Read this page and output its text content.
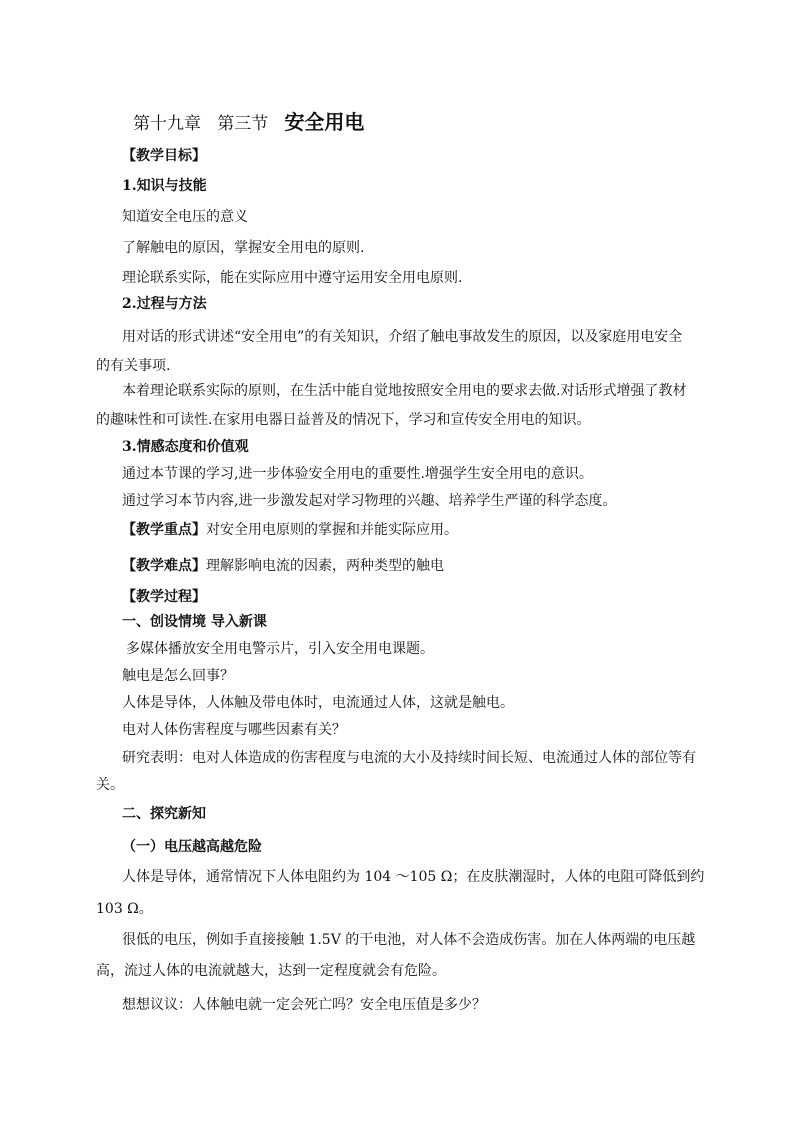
第十九章 第三节 安全用电
【教学目标】
1.知识与技能
知道安全电压的意义
了解触电的原因，掌握安全用电的原则.
理论联系实际，能在实际应用中遵守运用安全用电原则.
2.过程与方法
用对话的形式讲述“安全用电”的有关知识，介绍了触电事故发生的原因，以及家庭用电安全
的有关事项.
本着理论联系实际的原则，在生活中能自觉地按照安全用电的要求去做.对话形式增强了教材
的趣味性和可读性.在家用电器日益普及的情况下，学习和宣传安全用电的知识。
3.情感态度和价值观
通过本节课的学习,进一步体验安全用电的重要性.增强学生安全用电的意识。
通过学习本节内容,进一步激发起对学习物理的兴趣、培养学生严谨的科学态度。
【教学重点】对安全用电原则的掌握和并能实际应用。
【教学难点】理解影响电流的因素，两种类型的触电
【教学过程】
一、创设情境 导入新课
多媒体播放安全用电警示片，引入安全用电课题。
触电是怎么回事？
人体是导体，人体触及带电体时，电流通过人体，这就是触电。
电对人体伤害程度与哪些因素有关？
研究表明：电对人体造成的伤害程度与电流的大小及持续时间长短、电流通过人体的部位等有
关。
二、探究新知
（一）电压越高越危险
人体是导体，通常情况下人体电阻约为 104 ～105 Ω；在皮肤潮湿时，人体的电阻可降低到约
103 Ω。
很低的电压，例如手直接接触 1.5V 的干电池，对人体不会造成伤害。加在人体两端的电压越
高，流过人体的电流就越大，达到一定程度就会有危险。
想想议议：人体触电就一定会死亡吗？安全电压值是多少？
